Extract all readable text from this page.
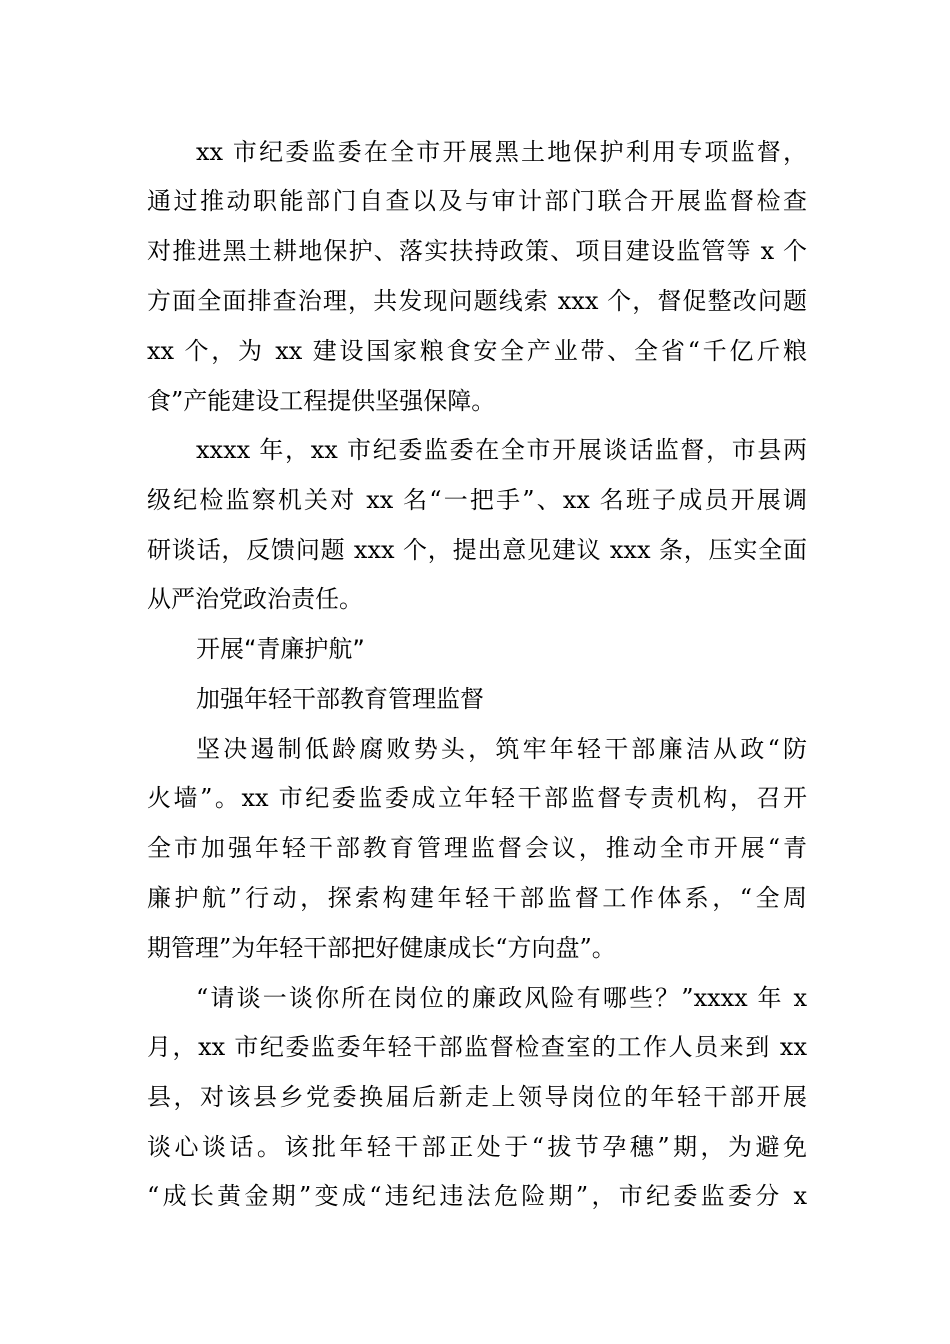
xx 市纪委监委在全市开展黑土地保护利用专项监督，

通过推动职能部门自查以及与审计部门联合开展监督检查

对推进黑土耕地保护、落实扶持政策、项目建设监管等 x 个

方面全面排查治理，共发现问题线索 xxx 个，督促整改问题

xx 个，为 xx 建设国家粮食安全产业带、全省“千亿斤粮

食”产能建设工程提供坚强保障。

xxxx 年，xx 市纪委监委在全市开展谈话监督，市县两

级纪检监察机关对 xx 名“一把手”、xx 名班子成员开展调

研谈话，反馈问题 xxx 个，提出意见建议 xxx 条，压实全面

从严治党政治责任。

开展“青廉护航”

加强年轻干部教育管理监督

坚决遏制低龄腐败势头，筑牢年轻干部廉洁从政“防

火墙”。xx 市纪委监委成立年轻干部监督专责机构，召开

全市加强年轻干部教育管理监督会议，推动全市开展“青

廉护航”行动，探索构建年轻干部监督工作体系，“全周

期管理”为年轻干部把好健康成长“方向盘”。

“请谈一谈你所在岗位的廉政风险有哪些？”xxxx 年 x

月，xx 市纪委监委年轻干部监督检查室的工作人员来到 xx

县，对该县乡党委换届后新走上领导岗位的年轻干部开展

谈心谈话。该批年轻干部正处于“拔节孕穗”期，为避免

“成长黄金期”变成“违纪违法危险期”，市纪委监委分 x
